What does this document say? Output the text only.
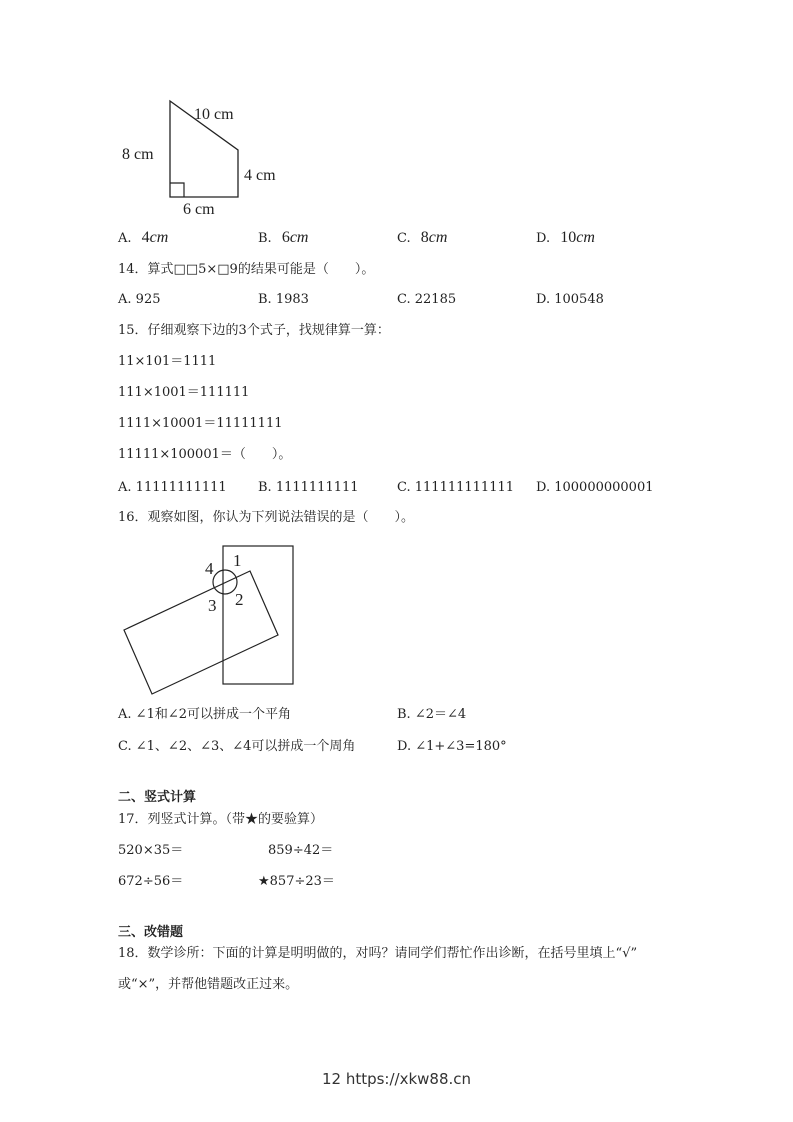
10 cm
8 cm
4 cm
6 cm
A. 4cm	B. 6cm	C. 8cm	D. 10cm
14．算式□□5×□9的结果可能是（　　）。
A. 925	B. 1983	C. 22185	D. 100548
15．仔细观察下边的3个式子，找规律算一算：
11×101＝1111
111×1001＝111111
1111×10001＝11111111
11111×100001＝（　　）。
A. 11111111111 B. 1111111111	C. 111111111111 D. 100000000001
16．观察如图，你认为下列说法错误的是（　　）。
1
2
3
4
A. ∠1和∠2可以拼成一个平角	B. ∠2＝∠4
C. ∠1、∠2、∠3、∠4可以拼成一个周角	D. ∠1+∠3=180°
二、竖式计算
17．列竖式计算。（带★的要验算）
520×35＝	859÷42＝
672÷56＝	★857÷23＝
三、改错题
18．数学诊所：下面的计算是明明做的，对吗？请同学们帮忙作出诊断，在括号里填上“√”
或“×”，并帮他错题改正过来。
12 https://xkw88.cn
